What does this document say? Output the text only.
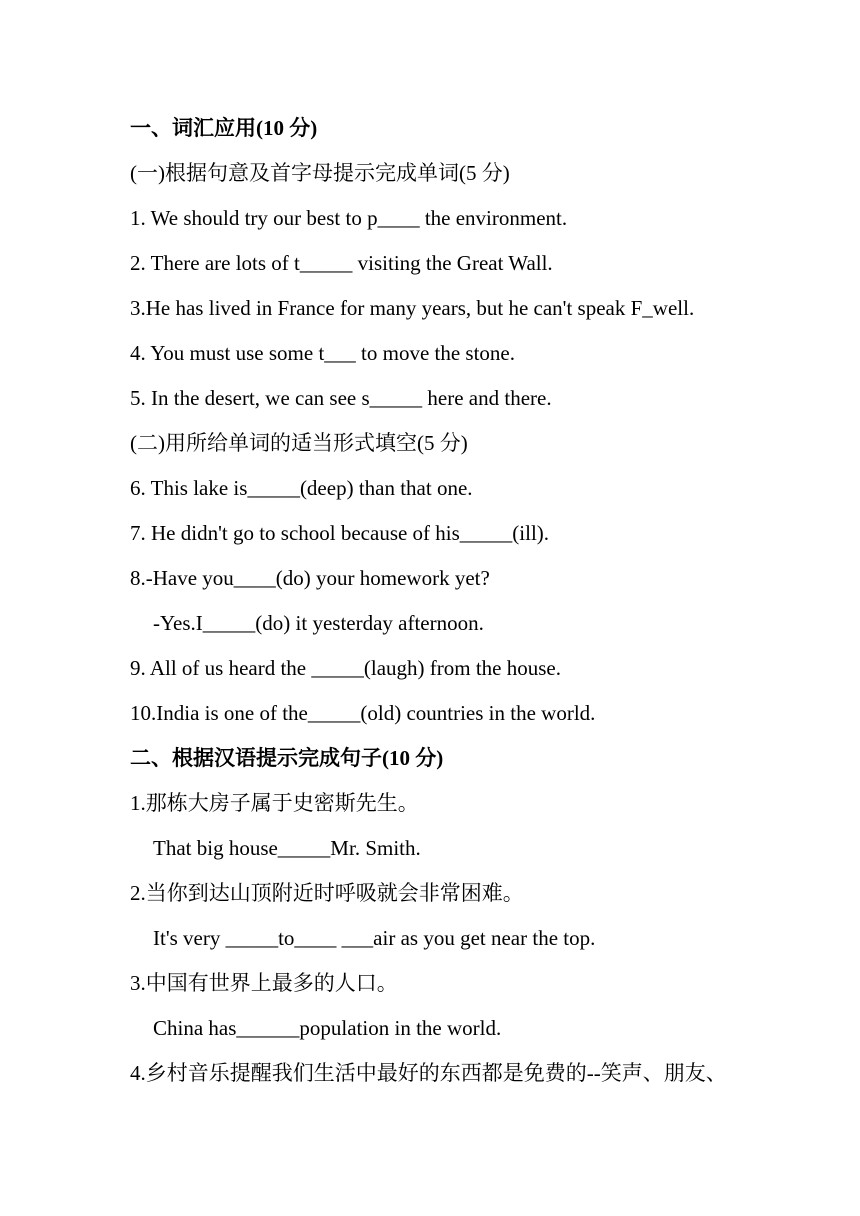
一、词汇应用(10 分)
(一)根据句意及首字母提示完成单词(5 分)
1. We should try our best to p____ the environment.
2. There are lots of t_____ visiting the Great Wall.
3.He has lived in France for many years, but he can't speak F_well.
4. You must use some t___ to move the stone.
5. In the desert, we can see s_____ here and there.
(二)用所给单词的适当形式填空(5 分)
6. This lake is_____(deep) than that one.
7. He didn't go to school because of his_____(ill).
8.-Have you____(do) your homework yet?
-Yes.I_____(do) it yesterday afternoon.
9. All of us heard the _____(laugh) from the house.
10.India is one of the_____(old) countries in the world.
二、根据汉语提示完成句子(10 分)
1.那栋大房子属于史密斯先生。
That big house_____Mr. Smith.
2.当你到达山顶附近时呼吸就会非常困难。
It's very _____to____ ___air as you get near the top.
3.中国有世界上最多的人口。
China has______population in the world.
4.乡村音乐提醒我们生活中最好的东西都是免费的--笑声、朋友、
